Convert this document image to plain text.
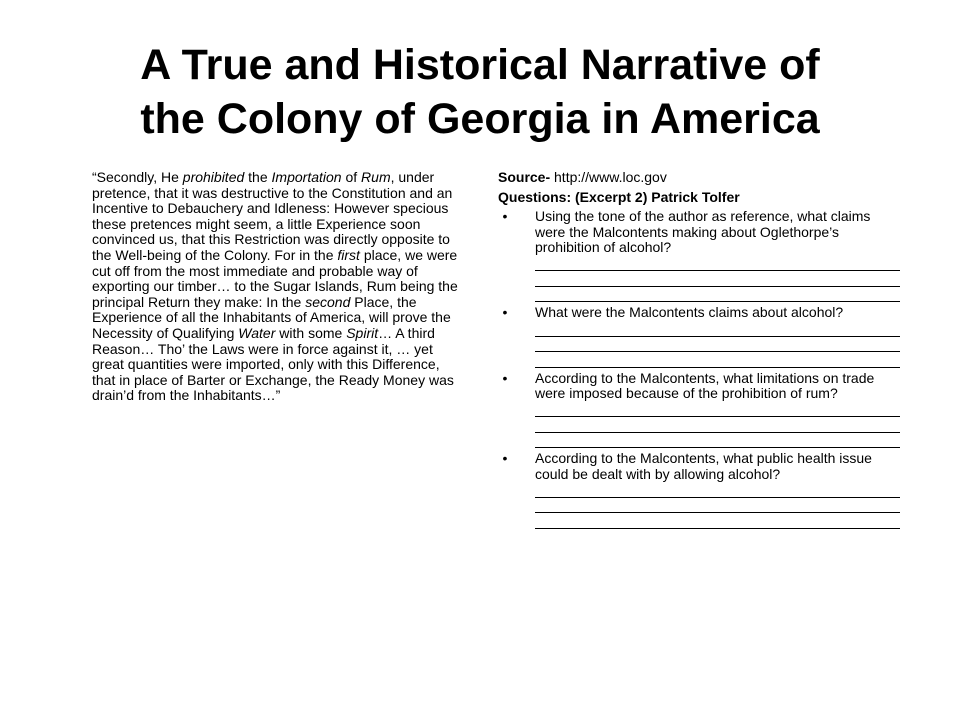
A True and Historical Narrative of
the Colony of Georgia in America

“Secondly, He prohibited the Importation of Rum, under pretence, that it was destructive to the Constitution and an Incentive to Debauchery and Idleness: However specious these pretences might seem, a little Experience soon convinced us, that this Restriction was directly opposite to the Well-being of the Colony. For in the first place, we were cut off from the most immediate and probable way of exporting our timber… to the Sugar Islands, Rum being the principal Return they make: In the second Place, the Experience of all the Inhabitants of America, will prove the Necessity of Qualifying Water with some Spirit… A third Reason… Tho’ the Laws were in force against it, … yet great quantities were imported, only with this Difference, that in place of Barter or Exchange, the Ready Money was drain’d from the Inhabitants…”

Source- http://www.loc.gov

Questions: (Excerpt 2) Patrick Tolfer

•	Using the tone of the author as reference, what claims were the Malcontents making about Oglethorpe’s prohibition of alcohol?
•	What were the Malcontents claims about alcohol?
•	According to the Malcontents, what limitations on trade were imposed because of the prohibition of rum?
•	According to the Malcontents, what public health issue could be dealt with by allowing alcohol?
